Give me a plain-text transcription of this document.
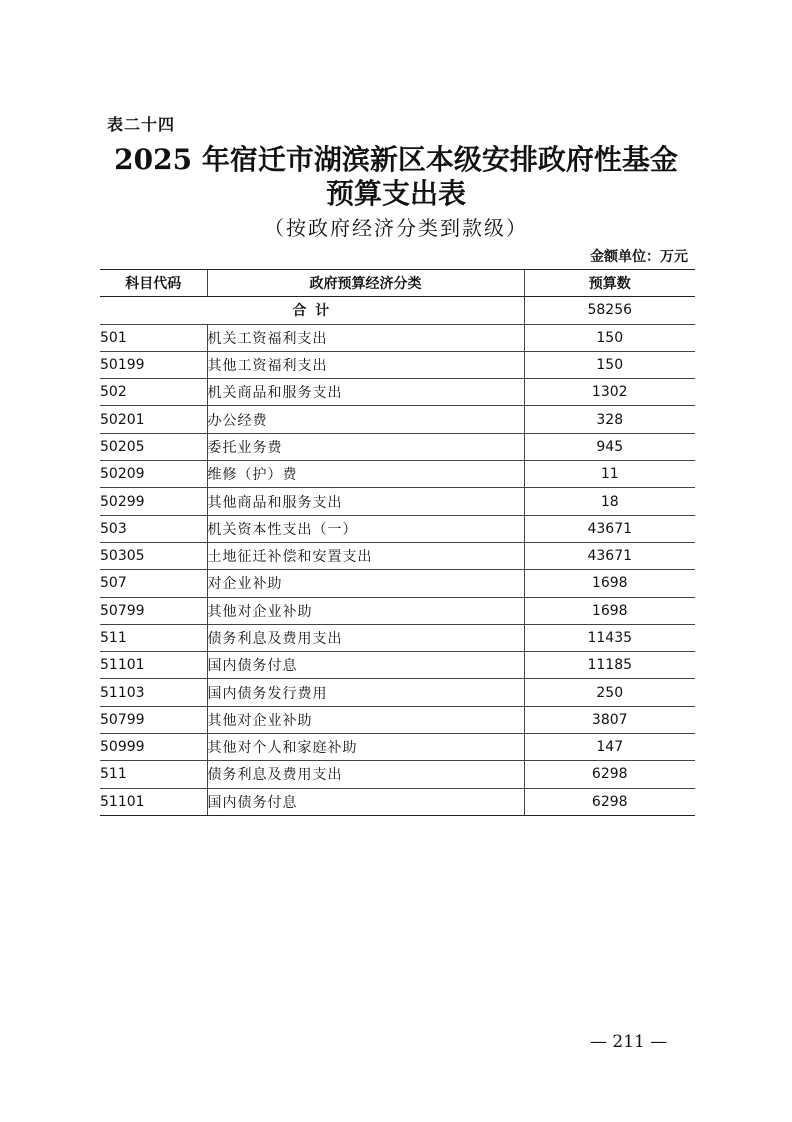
表二十四
2025 年宿迁市湖滨新区本级安排政府性基金
预算支出表
（按政府经济分类到款级）
金额单位：万元
科目代码	政府预算经济分类	预算数
合 计		58256
501	机关工资福利支出	150
50199	其他工资福利支出	150
502	机关商品和服务支出	1302
50201	办公经费	328
50205	委托业务费	945
50209	维修（护）费	11
50299	其他商品和服务支出	18
503	机关资本性支出（一）	43671
50305	土地征迁补偿和安置支出	43671
507	对企业补助	1698
50799	其他对企业补助	1698
511	债务利息及费用支出	11435
51101	国内债务付息	11185
51103	国内债务发行费用	250
50799	其他对企业补助	3807
50999	其他对个人和家庭补助	147
511	债务利息及费用支出	6298
51101	国内债务付息	6298
— 211 —
